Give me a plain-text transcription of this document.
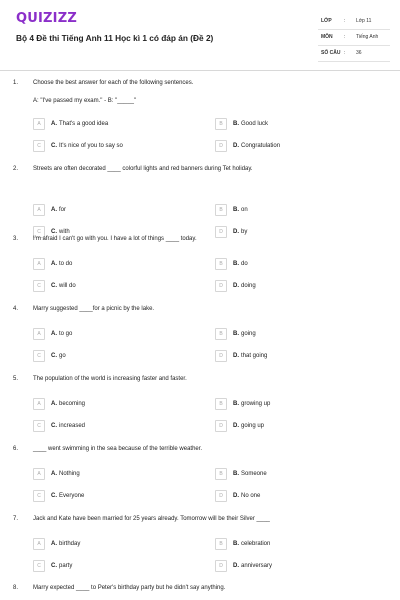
QUIZIZZ
Bộ 4 Đề thi Tiếng Anh 11 Học kì 1 có đáp án (Đề 2)
LỚP : Lớp 11
MÔN : Tiếng Anh
SỐ CÂU : 36
1. Choose the best answer for each of the following sentences.
A: "I've passed my exam." - B: "_____"
A	A. That's a good idea	B	B. Good luck
C	C. It's nice of you to say so	D	D. Congratulation
2. Streets are often decorated ____ colorful lights and red banners during Tet holiday.
A	A. for	B	B. on
C	C. with	D	D. by
3. I'm afraid I can't go with you. I have a lot of things ____ today.
A	A. to do	B	B. do
C	C. will do	D	D. doing
4. Marry suggested ____for a picnic by the lake.
A	A. to go	B	B. going
C	C. go	D	D. that going
5. The population of the world is increasing faster and faster.
A	A. becoming	B	B. growing up
C	C. increased	D	D. going up
6. ____ went swimming in the sea because of the terrible weather.
A	A. Nothing	B	B. Someone
C	C. Everyone	D	D. No one
7. Jack and Kate have been married for 25 years already. Tomorrow will be their Silver ____
A	A. birthday	B	B. celebration
C	C. party	D	D. anniversary
8. Marry expected ____ to Peter's birthday party but he didn't say anything.
